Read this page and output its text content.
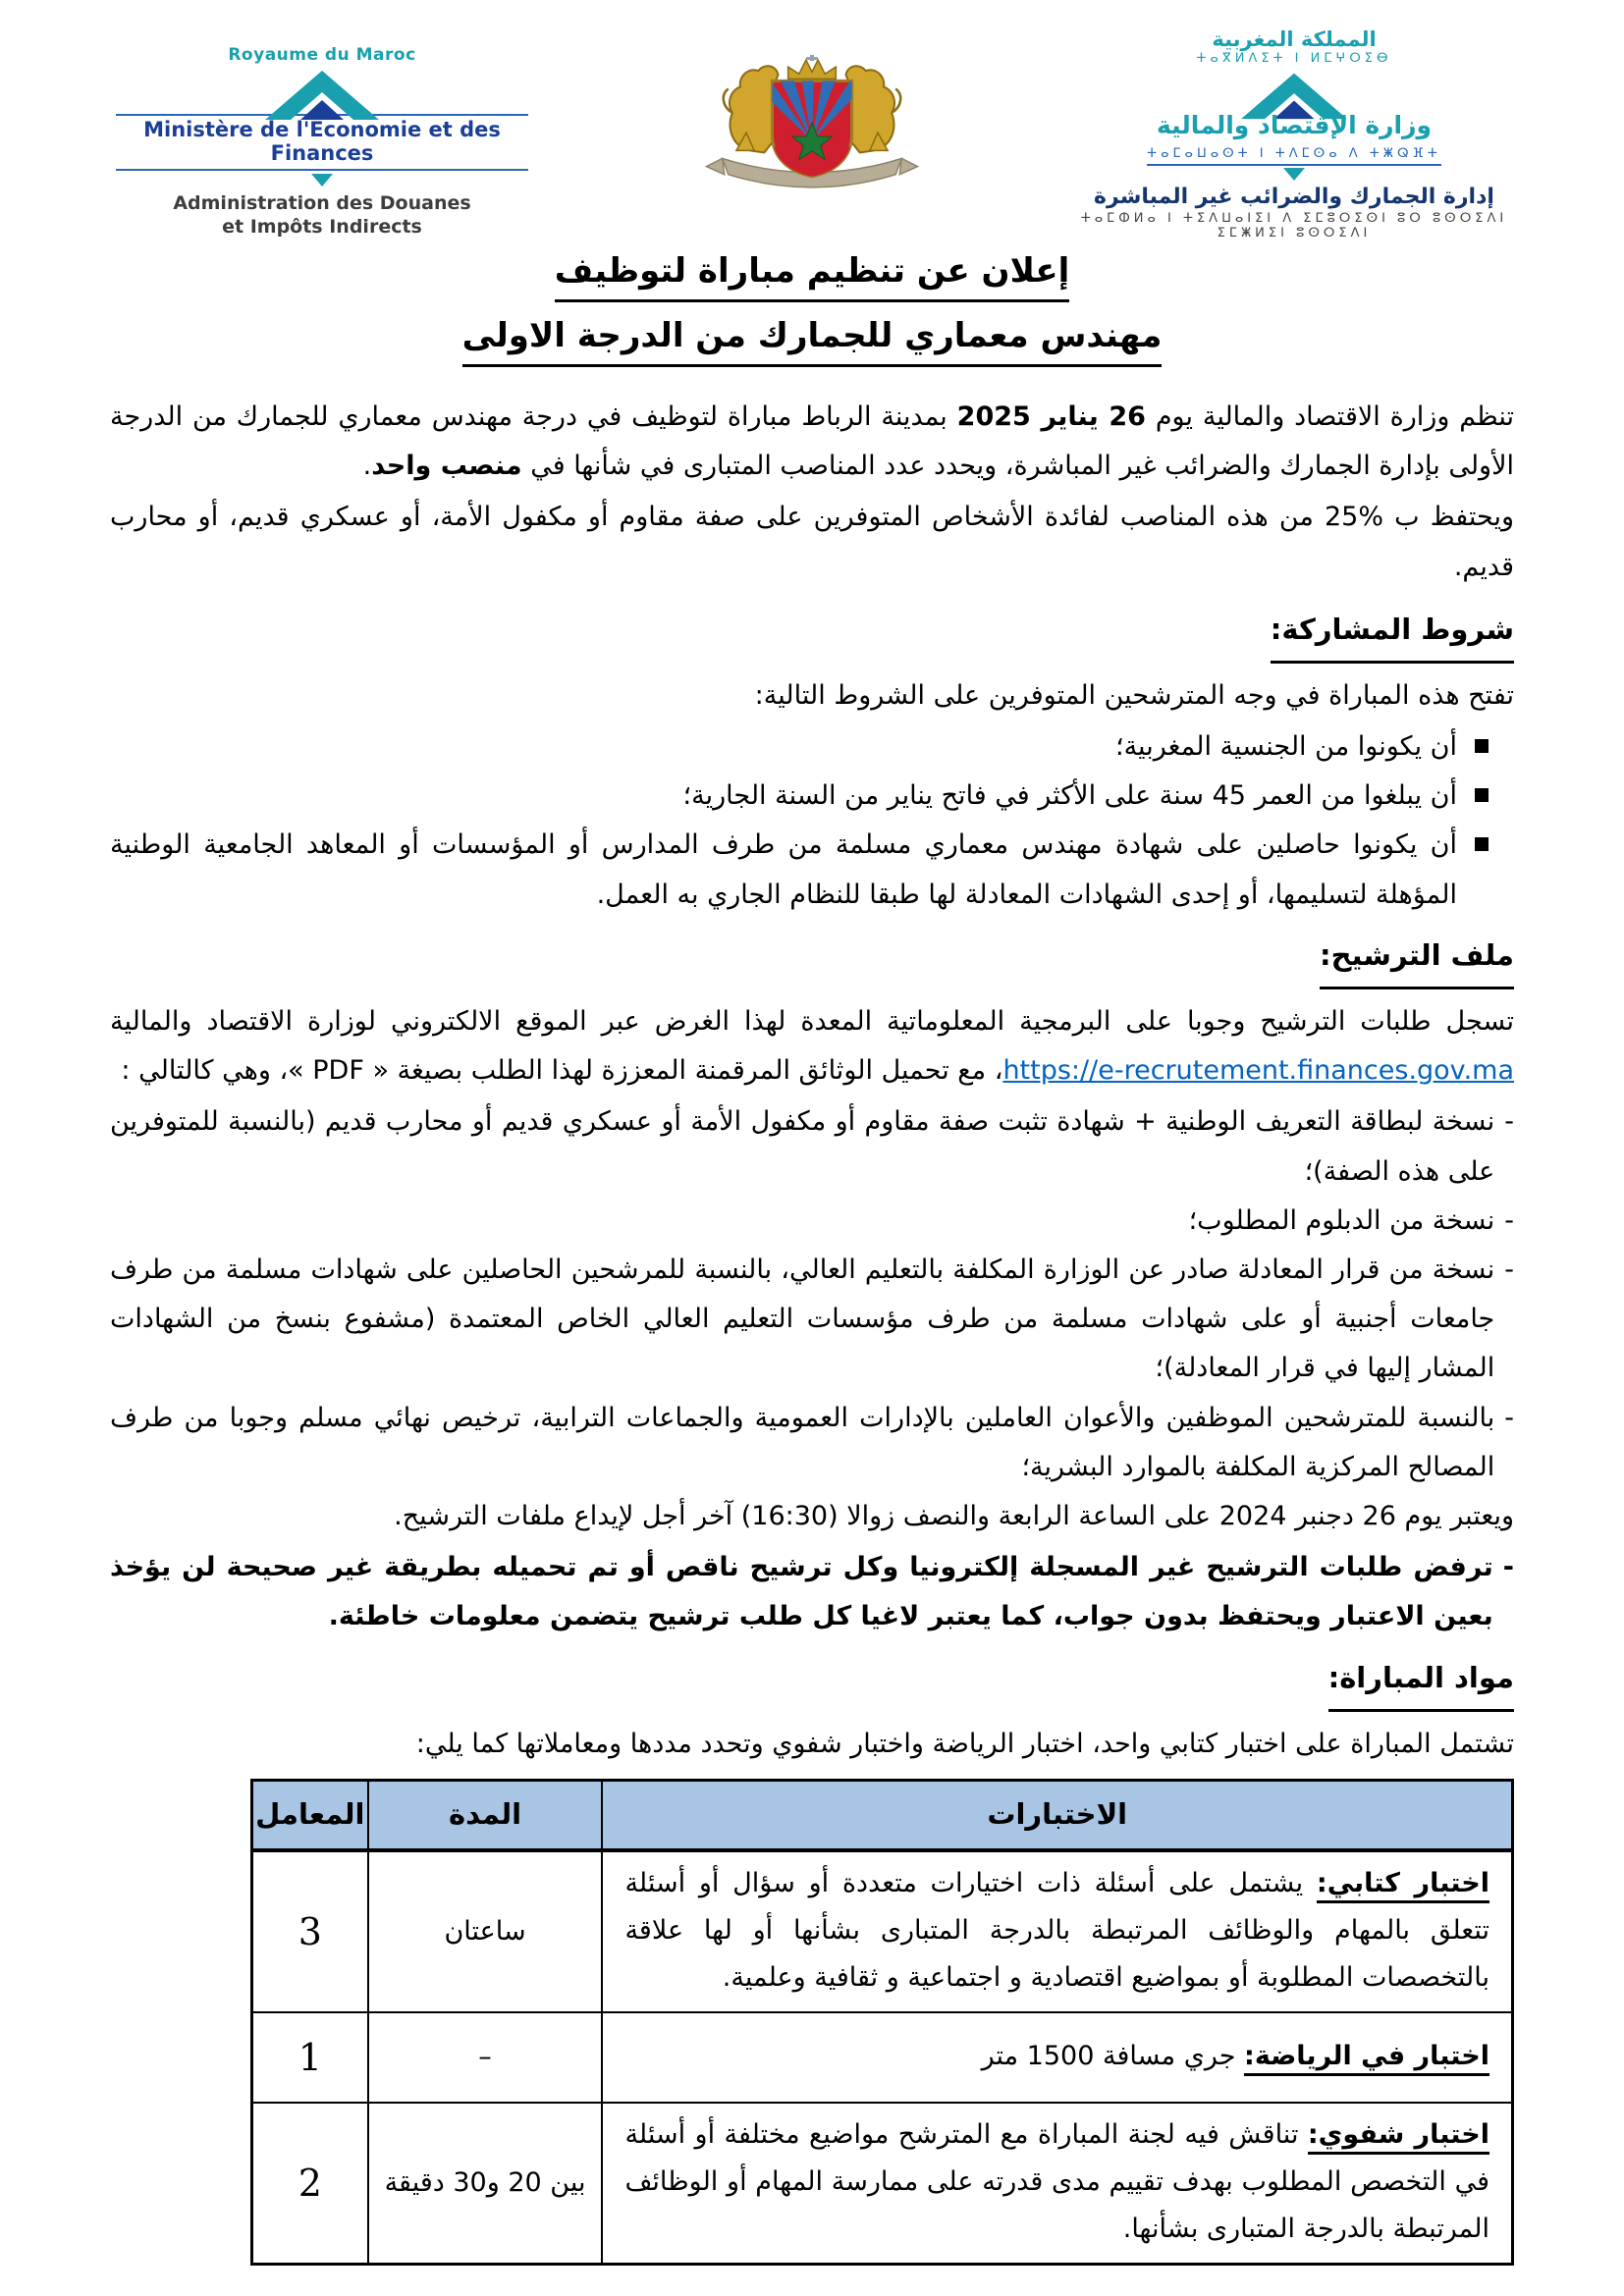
Royaume du Maroc
Ministère de l'Economie et des Finances
Administration des Douanes
et Impôts Indirects
المملكة المغربية
ⵜⴰⴳⵍⴷⵉⵜ ⵏ ⵍⵎⵖⵔⵉⴱ
وزارة الإقتصاد والمالية
ⵜⴰⵎⴰⵡⴰⵙⵜ ⵏ ⵜⴷⵎⵙⴰ ⴷ ⵜⵥⵕⴼⵜ
إدارة الجمارك والضرائب غير المباشرة
ⵜⴰⵎⵀⵍⴰ ⵏ ⵜⵉⴷⵡⴰⵏⵉⵏ ⴷ ⵉⵎⵓⵔⵉⵙⵏ ⵓⵔ ⵓⵙⵔⵉⴷⵏ
ⵉⵎⵥⵍⵉⵏ ⵓⵙⵔⵉⴷⵏ
إعلان عن تنظيم مباراة لتوظيف
مهندس معماري للجمارك من الدرجة الاولى

تنظم وزارة الاقتصاد والمالية يوم 26 يناير 2025 بمدينة الرباط مباراة لتوظيف في درجة مهندس معماري للجمارك من الدرجة الأولى بإدارة الجمارك والضرائب غير المباشرة، ويحدد عدد المناصب المتبارى في شأنها في منصب واحد.

ويحتفظ ب %25 من هذه المناصب لفائدة الأشخاص المتوفرين على صفة مقاوم أو مكفول الأمة، أو عسكري قديم، أو محارب قديم.

شروط المشاركة:

تفتح هذه المباراة في وجه المترشحين المتوفرين على الشروط التالية:

أن يكونوا من الجنسية المغربية؛
أن يبلغوا من العمر 45 سنة على الأكثر في فاتح يناير من السنة الجارية؛
أن يكونوا حاصلين على شهادة مهندس معماري مسلمة من طرف المدارس أو المؤسسات أو المعاهد الجامعية الوطنية المؤهلة لتسليمها، أو إحدى الشهادات المعادلة لها طبقا للنظام الجاري به العمل.
ملف الترشيح:

تسجل طلبات الترشيح وجوبا على البرمجية المعلوماتية المعدة لهذا الغرض عبر الموقع الالكتروني لوزارة الاقتصاد والمالية https://e-recrutement.finances.gov.ma، مع تحميل الوثائق المرقمنة المعززة لهذا الطلب بصيغة « PDF »، وهي كالتالي :

-
نسخة لبطاقة التعريف الوطنية + شهادة تثبت صفة مقاوم أو مكفول الأمة أو عسكري قديم أو محارب قديم (بالنسبة للمتوفرين على هذه الصفة)؛
-
نسخة من الدبلوم المطلوب؛
-
نسخة من قرار المعادلة صادر عن الوزارة المكلفة بالتعليم العالي، بالنسبة للمرشحين الحاصلين على شهادات مسلمة من طرف جامعات أجنبية أو على شهادات مسلمة من طرف مؤسسات التعليم العالي الخاص المعتمدة (مشفوع بنسخ من الشهادات المشار إليها في قرار المعادلة)؛
-
بالنسبة للمترشحين الموظفين والأعوان العاملين بالإدارات العمومية والجماعات الترابية، ترخيص نهائي مسلم وجوبا من طرف المصالح المركزية المكلفة بالموارد البشرية؛

ويعتبر يوم 26 دجنبر 2024 على الساعة الرابعة والنصف زوالا (16:30) آخر أجل لإيداع ملفات الترشيح.

-
ترفض طلبات الترشيح غير المسجلة إلكترونيا وكل ترشيح ناقص أو تم تحميله بطريقة غير صحيحة لن يؤخذ بعين الاعتبار ويحتفظ بدون جواب، كما يعتبر لاغيا كل طلب ترشيح يتضمن معلومات خاطئة.
مواد المباراة:

تشتمل المباراة على اختبار كتابي واحد، اختبار الرياضة واختبار شفوي وتحدد مددها ومعاملاتها كما يلي:

الاختبارات	المدة	المعامل
اختبار كتابي: يشتمل على أسئلة ذات اختيارات متعددة أو سؤال أو أسئلة تتعلق بالمهام والوظائف المرتبطة بالدرجة المتبارى بشأنها أو لها علاقة بالتخصصات المطلوبة أو بمواضيع اقتصادية و اجتماعية و ثقافية وعلمية.	ساعتان	3
اختبار في الرياضة: جري مسافة 1500 متر	–	1
اختبار شفوي: تناقش فيه لجنة المباراة مع المترشح مواضيع مختلفة أو أسئلة في التخصص المطلوب بهدف تقييم مدى قدرته على ممارسة المهام أو الوظائف المرتبطة بالدرجة المتبارى بشأنها.	بين 20 و30 دقيقة	2
